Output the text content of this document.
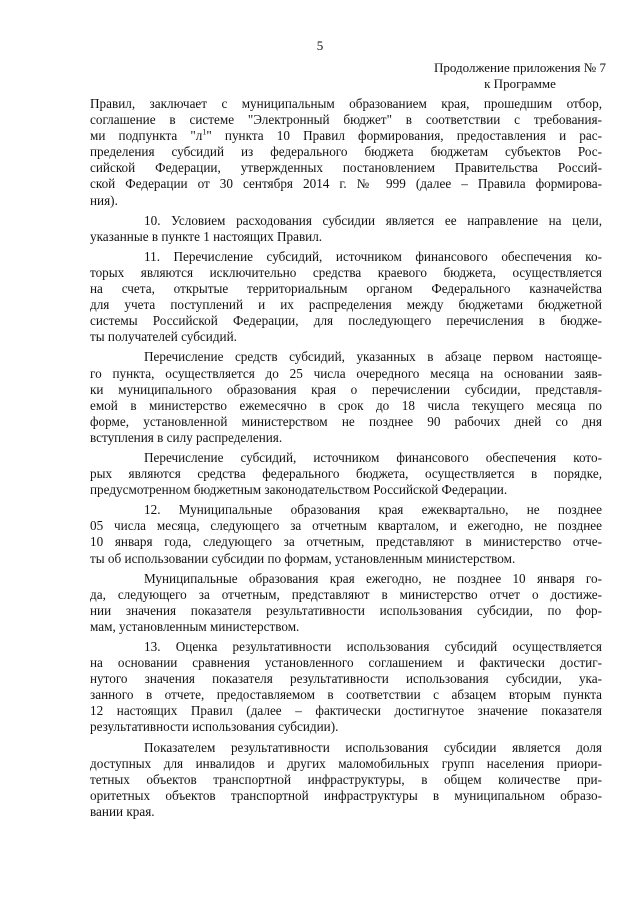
5
Продолжение приложения № 7
к Программе
Правил, заключает с муниципальным образованием края, прошедшим отбор,
соглашение в системе "Электронный бюджет" в соответствии с требования-
ми подпункта "$л^1$" пункта 10 Правил формирования, предоставления и рас-
пределения субсидий из федерального бюджета бюджетам субъектов Рос-
сийской Федерации, утвержденных постановлением Правительства Россий-
ской Федерации от 30 сентября 2014 г. № 999 (далее – Правила формирова-
ния).
10. Условием расходования субсидии является ее направление на цели,
указанные в пункте 1 настоящих Правил.
11. Перечисление субсидий, источником финансового обеспечения ко-
торых являются исключительно средства краевого бюджета, осуществляется
на счета, открытые территориальным органом Федерального казначейства
для учета поступлений и их распределения между бюджетами бюджетной
системы Российской Федерации, для последующего перечисления в бюдже-
ты получателей субсидий.
Перечисление средств субсидий, указанных в абзаце первом настояще-
го пункта, осуществляется до 25 числа очередного месяца на основании заяв-
ки муниципального образования края о перечислении субсидии, представля-
емой в министерство ежемесячно в срок до 18 числа текущего месяца по
форме, установленной министерством не позднее 90 рабочих дней со дня
вступления в силу распределения.
Перечисление субсидий, источником финансового обеспечения кото-
рых являются средства федерального бюджета, осуществляется в порядке,
предусмотренном бюджетным законодательством Российской Федерации.
12. Муниципальные образования края ежеквартально, не позднее
05 числа месяца, следующего за отчетным кварталом, и ежегодно, не позднее
10 января года, следующего за отчетным, представляют в министерство отче-
ты об использовании субсидии по формам, установленным министерством.
Муниципальные образования края ежегодно, не позднее 10 января го-
да, следующего за отчетным, представляют в министерство отчет о достиже-
нии значения показателя результативности использования субсидии, по фор-
мам, установленным министерством.
13. Оценка результативности использования субсидий осуществляется
на основании сравнения установленного соглашением и фактически достиг-
нутого значения показателя результативности использования субсидии, ука-
занного в отчете, предоставляемом в соответствии с абзацем вторым пункта
12 настоящих Правил (далее – фактически достигнутое значение показателя
результативности использования субсидии).
Показателем результативности использования субсидии является доля
доступных для инвалидов и других маломобильных групп населения приори-
тетных объектов транспортной инфраструктуры, в общем количестве при-
оритетных объектов транспортной инфраструктуры в муниципальном образо-
вании края.
